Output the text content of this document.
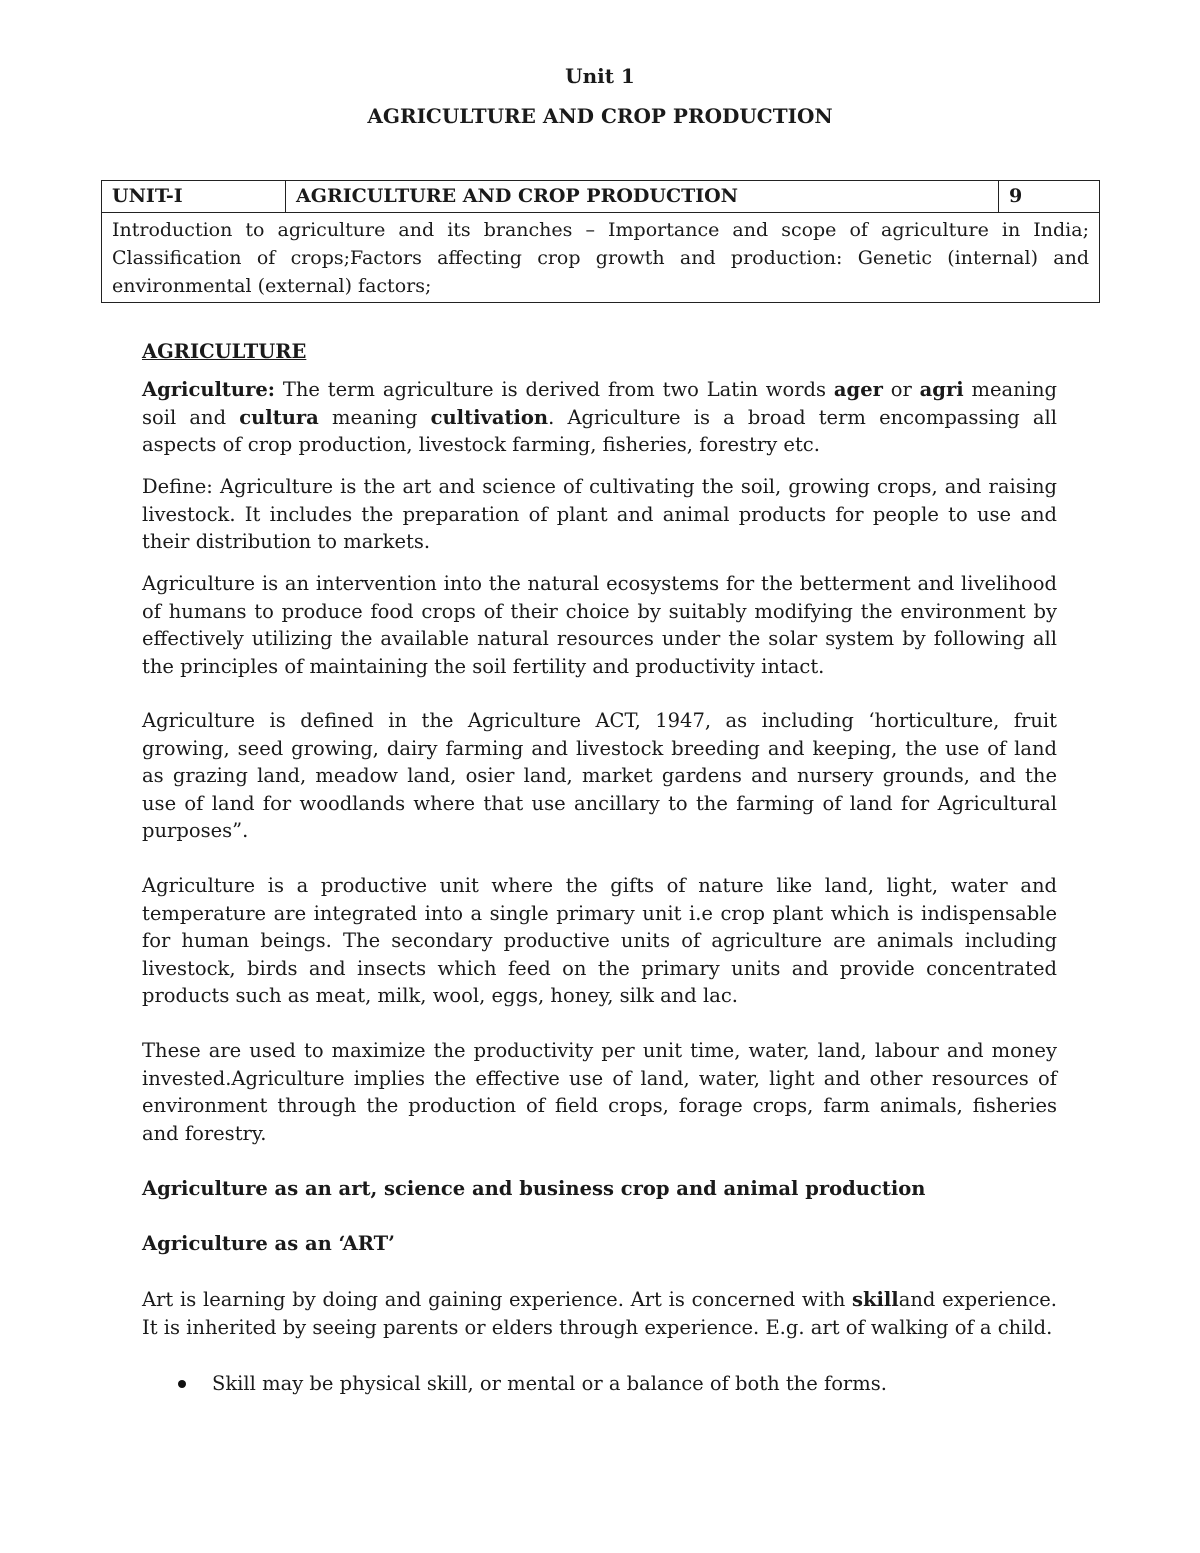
Unit 1
AGRICULTURE AND CROP PRODUCTION
UNIT-I	AGRICULTURE AND CROP PRODUCTION	9
Introduction to agriculture and its branches – Importance and scope of agriculture in India; Classification of crops;Factors affecting crop growth and production: Genetic (internal) and environmental (external) factors;

AGRICULTURE

Agriculture: The term agriculture is derived from two Latin words ager or agri meaning soil and cultura meaning cultivation. Agriculture is a broad term encompassing all aspects of crop production, livestock farming, fisheries, forestry etc.

Define: Agriculture is the art and science of cultivating the soil, growing crops, and raising livestock. It includes the preparation of plant and animal products for people to use and their distribution to markets.

Agriculture is an intervention into the natural ecosystems for the betterment and livelihood of humans to produce food crops of their choice by suitably modifying the environment by effectively utilizing the available natural resources under the solar system by following all the principles of maintaining the soil fertility and productivity intact.

Agriculture is defined in the Agriculture ACT, 1947, as including ‘horticulture, fruit growing, seed growing, dairy farming and livestock breeding and keeping, the use of land as grazing land, meadow land, osier land, market gardens and nursery grounds, and the use of land for woodlands where that use ancillary to the farming of land for Agricultural purposes”.

Agriculture is a productive unit where the gifts of nature like land, light, water and temperature are integrated into a single primary unit i.e crop plant which is indispensable for human beings. The secondary productive units of agriculture are animals including livestock, birds and insects which feed on the primary units and provide concentrated products such as meat, milk, wool, eggs, honey, silk and lac.

These are used to maximize the productivity per unit time, water, land, labour and money invested.Agriculture implies the effective use of land, water, light and other resources of environment through the production of field crops, forage crops, farm animals, fisheries and forestry.

Agriculture as an art, science and business crop and animal production

Agriculture as an ‘ART’

Art is learning by doing and gaining experience. Art is concerned with skilland experience. It is inherited by seeing parents or elders through experience. E.g. art of walking of a child.

Skill may be physical skill, or mental or a balance of both the forms.
